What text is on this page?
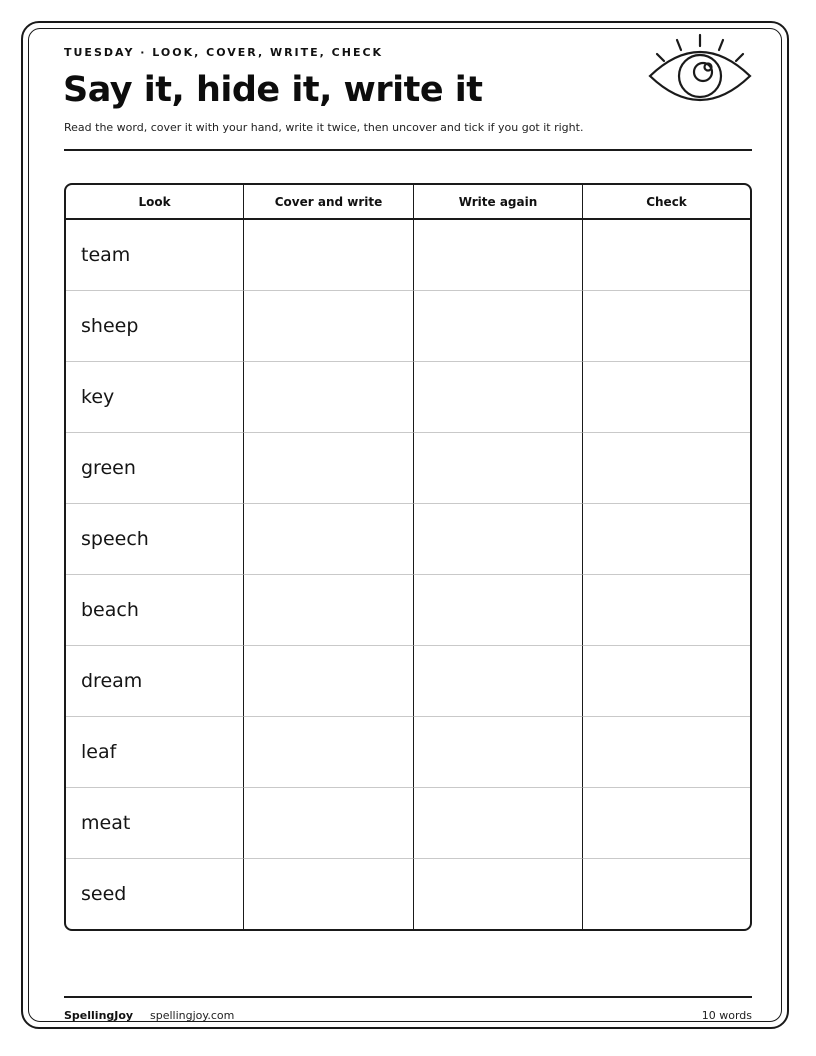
TUESDAY · LOOK, COVER, WRITE, CHECK
Say it, hide it, write it
Read the word, cover it with your hand, write it twice, then uncover and tick if you got it right.
Look	Cover and write	Write again	Check
team			
sheep			
key			
green			
speech			
beach			
dream			
leaf			
meat			
seed			
SpellingJoy spellingjoy.com	10 words
